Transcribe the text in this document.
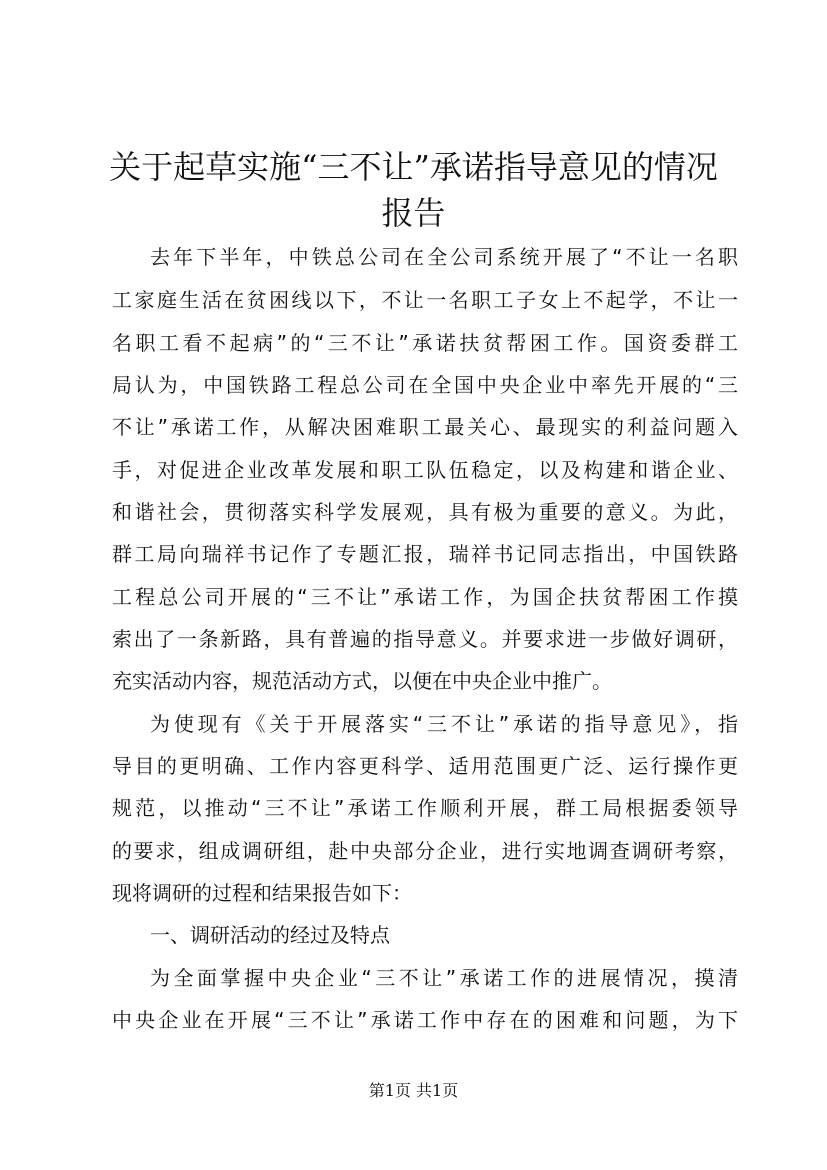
关于起草实施“三不让”承诺指导意见的情况
报告
去年下半年，中铁总公司在全公司系统开展了“不让一名职
工家庭生活在贫困线以下，不让一名职工子女上不起学，不让一
名职工看不起病”的“三不让”承诺扶贫帮困工作。国资委群工
局认为，中国铁路工程总公司在全国中央企业中率先开展的“三
不让”承诺工作，从解决困难职工最关心、最现实的利益问题入
手，对促进企业改革发展和职工队伍稳定，以及构建和谐企业、
和谐社会，贯彻落实科学发展观，具有极为重要的意义。为此，
群工局向瑞祥书记作了专题汇报，瑞祥书记同志指出，中国铁路
工程总公司开展的“三不让”承诺工作，为国企扶贫帮困工作摸
索出了一条新路，具有普遍的指导意义。并要求进一步做好调研，
充实活动内容，规范活动方式，以便在中央企业中推广。
为使现有《关于开展落实“三不让”承诺的指导意见》，指
导目的更明确、工作内容更科学、适用范围更广泛、运行操作更
规范，以推动“三不让”承诺工作顺利开展，群工局根据委领导
的要求，组成调研组，赴中央部分企业，进行实地调查调研考察，
现将调研的过程和结果报告如下：
一、调研活动的经过及特点
为全面掌握中央企业“三不让”承诺工作的进展情况，摸清
中央企业在开展“三不让”承诺工作中存在的困难和问题，为下
第1页 共1页
